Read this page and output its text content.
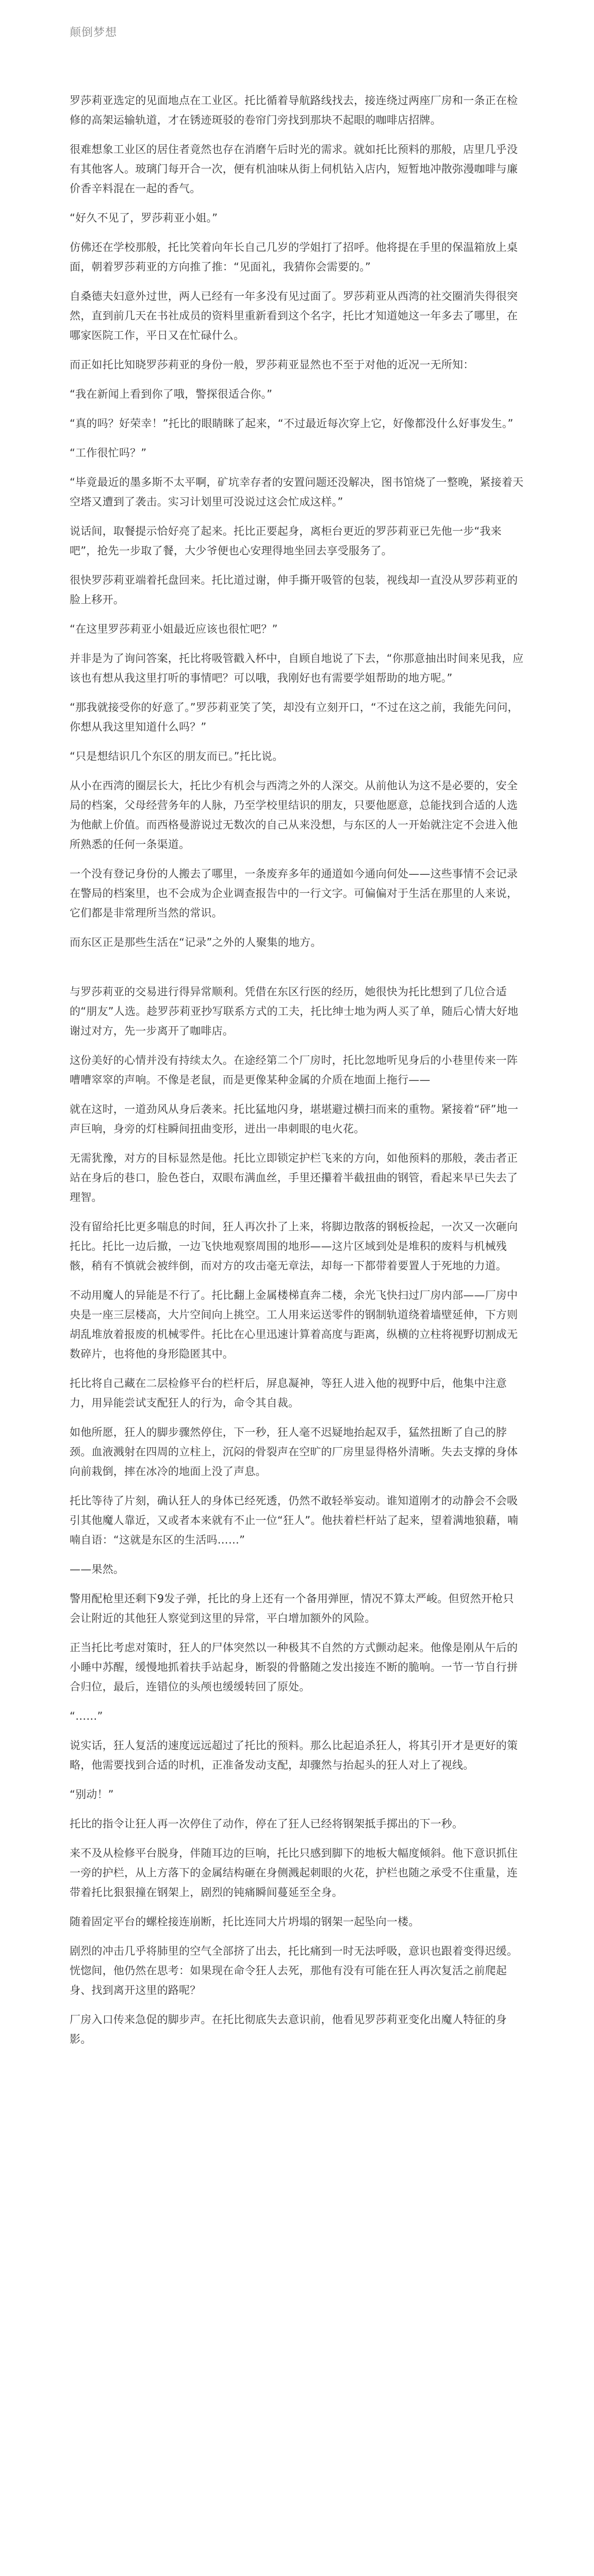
颠倒梦想

罗莎莉亚选定的见面地点在工业区。托比循着导航路线找去，接连绕过两座厂房和一条正在检修的高架运输轨道，才在锈迹斑驳的卷帘门旁找到那块不起眼的咖啡店招牌。

很难想象工业区的居住者竟然也存在消磨午后时光的需求。就如托比预料的那般，店里几乎没有其他客人。玻璃门每开合一次，便有机油味从街上伺机钻入店内，短暂地冲散弥漫咖啡与廉价香辛料混在一起的香气。

“好久不见了，罗莎莉亚小姐。”

仿佛还在学校那般，托比笑着向年长自己几岁的学姐打了招呼。他将提在手里的保温箱放上桌面，朝着罗莎莉亚的方向推了推：“见面礼，我猜你会需要的。”

自桑德夫妇意外过世，两人已经有一年多没有见过面了。罗莎莉亚从西湾的社交圈消失得很突然，直到前几天在书社成员的资料里重新看到这个名字，托比才知道她这一年多去了哪里，在哪家医院工作，平日又在忙碌什么。

而正如托比知晓罗莎莉亚的身份一般，罗莎莉亚显然也不至于对他的近况一无所知：

“我在新闻上看到你了哦，警探很适合你。”

“真的吗？好荣幸！”托比的眼睛眯了起来，“不过最近每次穿上它，好像都没什么好事发生。”

“工作很忙吗？”

“毕竟最近的墨多斯不太平啊，矿坑幸存者的安置问题还没解决，图书馆烧了一整晚，紧接着天空塔又遭到了袭击。实习计划里可没说过这会忙成这样。”

说话间，取餐提示恰好亮了起来。托比正要起身，离柜台更近的罗莎莉亚已先他一步“我来吧”，抢先一步取了餐，大少爷便也心安理得地坐回去享受服务了。

很快罗莎莉亚端着托盘回来。托比道过谢，伸手撕开吸管的包装，视线却一直没从罗莎莉亚的脸上移开。

“在这里罗莎莉亚小姐最近应该也很忙吧？”

并非是为了询问答案，托比将吸管戳入杯中，自顾自地说了下去，“你那意抽出时间来见我，应该也有想从我这里打听的事情吧？可以哦，我刚好也有需要学姐帮助的地方呢。”

“那我就接受你的好意了。”罗莎莉亚笑了笑，却没有立刻开口，“不过在这之前，我能先问问，你想从我这里知道什么吗？”

“只是想结识几个东区的朋友而已。”托比说。

从小在西湾的圈层长大，托比少有机会与西湾之外的人深交。从前他认为这不是必要的，安全局的档案，父母经营务年的人脉，乃至学校里结识的朋友，只要他愿意，总能找到合适的人选为他献上价值。而西格曼游说过无数次的自己从来没想，与东区的人一开始就注定不会进入他所熟悉的任何一条渠道。

一个没有登记身份的人搬去了哪里，一条废弃多年的通道如今通向何处——这些事情不会记录在警局的档案里，也不会成为企业调查报告中的一行文字。可偏偏对于生活在那里的人来说，它们都是非常理所当然的常识。

而东区正是那些生活在“记录”之外的人聚集的地方。

与罗莎莉亚的交易进行得异常顺利。凭借在东区行医的经历，她很快为托比想到了几位合适的“朋友”人选。趁罗莎莉亚抄写联系方式的工夫，托比绅士地为两人买了单，随后心情大好地谢过对方，先一步离开了咖啡店。

这份美好的心情并没有持续太久。在途经第二个厂房时，托比忽地听见身后的小巷里传来一阵嘈嘈窣窣的声响。不像是老鼠，而是更像某种金属的介质在地面上拖行——

就在这时，一道劲风从身后袭来。托比猛地闪身，堪堪避过横扫而来的重物。紧接着“砰”地一声巨响，身旁的灯柱瞬间扭曲变形，迸出一串刺眼的电火花。

无需犹豫，对方的目标显然是他。托比立即锁定护栏飞来的方向，如他预料的那般，袭击者正站在身后的巷口，脸色苍白，双眼布满血丝，手里还攥着半截扭曲的钢管，看起来早已失去了理智。

没有留给托比更多喘息的时间，狂人再次扑了上来，将脚边散落的钢板捡起，一次又一次砸向托比。托比一边后撤，一边飞快地观察周围的地形——这片区域到处是堆积的废料与机械残骸，稍有不慎就会被绊倒，而对方的攻击毫无章法，却每一下都带着要置人于死地的力道。

不动用魔人的异能是不行了。托比翻上金属楼梯直奔二楼，余光飞快扫过厂房内部——厂房中央是一座三层楼高，大片空间向上挑空。工人用来运送零件的钢制轨道绕着墙壁延伸，下方则胡乱堆放着报废的机械零件。托比在心里迅速计算着高度与距离，纵横的立柱将视野切割成无数碎片，也将他的身形隐匿其中。

托比将自己藏在二层检修平台的栏杆后，屏息凝神，等狂人进入他的视野中后，他集中注意力，用异能尝试支配狂人的行为，命令其自裁。

如他所愿，狂人的脚步骤然停住，下一秒，狂人毫不迟疑地抬起双手，猛然扭断了自己的脖颈。血液溅射在四周的立柱上，沉闷的骨裂声在空旷的厂房里显得格外清晰。失去支撑的身体向前栽倒，摔在冰冷的地面上没了声息。

托比等待了片刻，确认狂人的身体已经死透，仍然不敢轻举妄动。谁知道刚才的动静会不会吸引其他魔人靠近，又或者本来就有不止一位“狂人”。他扶着栏杆站了起来，望着满地狼藉，喃喃自语：“这就是东区的生活吗……”

——果然。

警用配枪里还剩下9发子弹，托比的身上还有一个备用弹匣，情况不算太严峻。但贸然开枪只会让附近的其他狂人察觉到这里的异常，平白增加额外的风险。

正当托比考虑对策时，狂人的尸体突然以一种极其不自然的方式颤动起来。他像是刚从午后的小睡中苏醒，缓慢地抓着扶手站起身，断裂的骨骼随之发出接连不断的脆响。一节一节自行拼合归位，最后，连错位的头颅也缓缓转回了原处。

“……”

说实话，狂人复活的速度远远超过了托比的预料。那么比起追杀狂人，将其引开才是更好的策略，他需要找到合适的时机，正准备发动支配，却骤然与抬起头的狂人对上了视线。

“别动！”

托比的指令让狂人再一次停住了动作，停在了狂人已经将钢架抵手掷出的下一秒。

来不及从检修平台脱身，伴随耳边的巨响，托比只感到脚下的地板大幅度倾斜。他下意识抓住一旁的护栏，从上方落下的金属结构砸在身侧溅起刺眼的火花，护栏也随之承受不住重量，连带着托比狠狠撞在钢架上，剧烈的钝痛瞬间蔓延至全身。

随着固定平台的螺栓接连崩断，托比连同大片坍塌的钢架一起坠向一楼。

剧烈的冲击几乎将肺里的空气全部挤了出去，托比痛到一时无法呼吸，意识也跟着变得迟缓。恍惚间，他仍然在思考：如果现在命令狂人去死，那他有没有可能在狂人再次复活之前爬起身、找到离开这里的路呢？

厂房入口传来急促的脚步声。在托比彻底失去意识前，他看见罗莎莉亚变化出魔人特征的身影。
